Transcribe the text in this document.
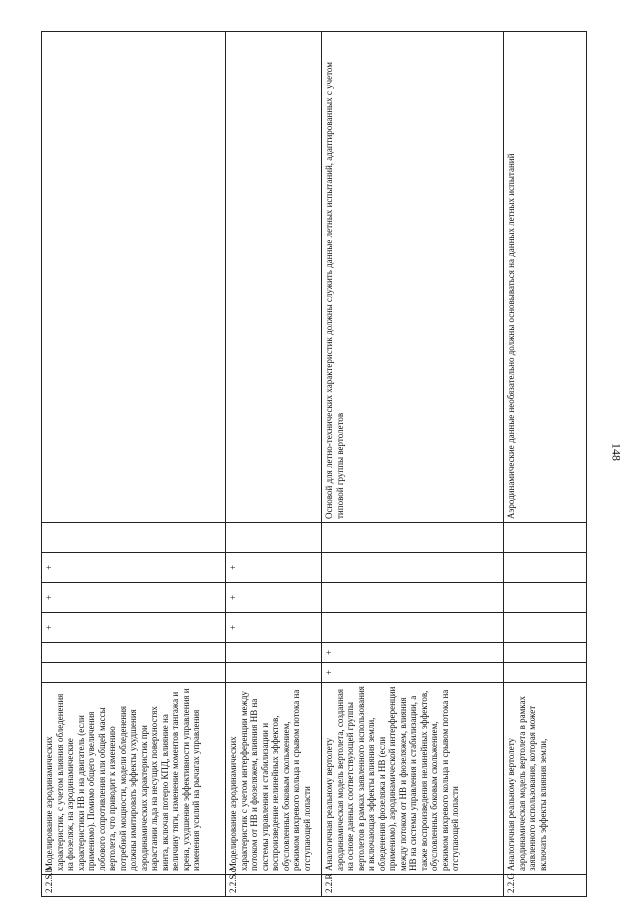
148
2.2.S.b	Моделирование аэродинамических характеристик, с учетом влияния обледенения на фюзеляж, на аэродинамические характеристики НВ и на двигатель (если применимо). Помимо общего увеличения лобового сопротивления или общей массы вертолета, что приводит к изменению потребной мощности, модели обледенения должны имитировать эффекты ухудшения аэродинамических характеристик при нарастании льда на несущих поверхностях винта, включая потерю КПД, влияние на величину тяги, изменение моментов тангажа и крена, ухудшение эффективности управления и изменения усилий на рычагах управления			+	+	+		
2.2.S.c	Моделирование аэродинамических характеристик с учетом интерференции между потоком от НВ и фюзеляжем, влияния НВ на системы управления и стабилизации и воспроизведение нелинейных эффектов, обусловленных боковым скольжением, режимом вихревого кольца и срывом потока на отступающей лопасти			+	+	+		
2.2.R	Аналогичная реальному вертолету аэродинамическая модель вертолета, созданная на основе данных соответствующей группы вертолетов в рамках заявленного использования и включающая эффекты влияния земли, обледенения фюзеляжа и НВ (если применимо), аэродинамической интерференции между потоком от НВ и фюзеляжем, влияния НВ на системы управления и стабилизации, а также воспроизведения нелинейных эффектов, обусловленных боковым скольжением, режимом вихревого кольца и срывом потока на отступающей лопасти	+	+					Основой для летно-технических характеристик должны служить данные летных испытаний, адаптированных с учетом типовой группы вертолетов
2.2.G	Аналогичная реальному вертолету аэродинамическая модель вертолета в рамках заявленного использования, которая может включать эффекты влияния земли,							Аэродинамические данные необязательно должны основываться на данных летных испытаний
